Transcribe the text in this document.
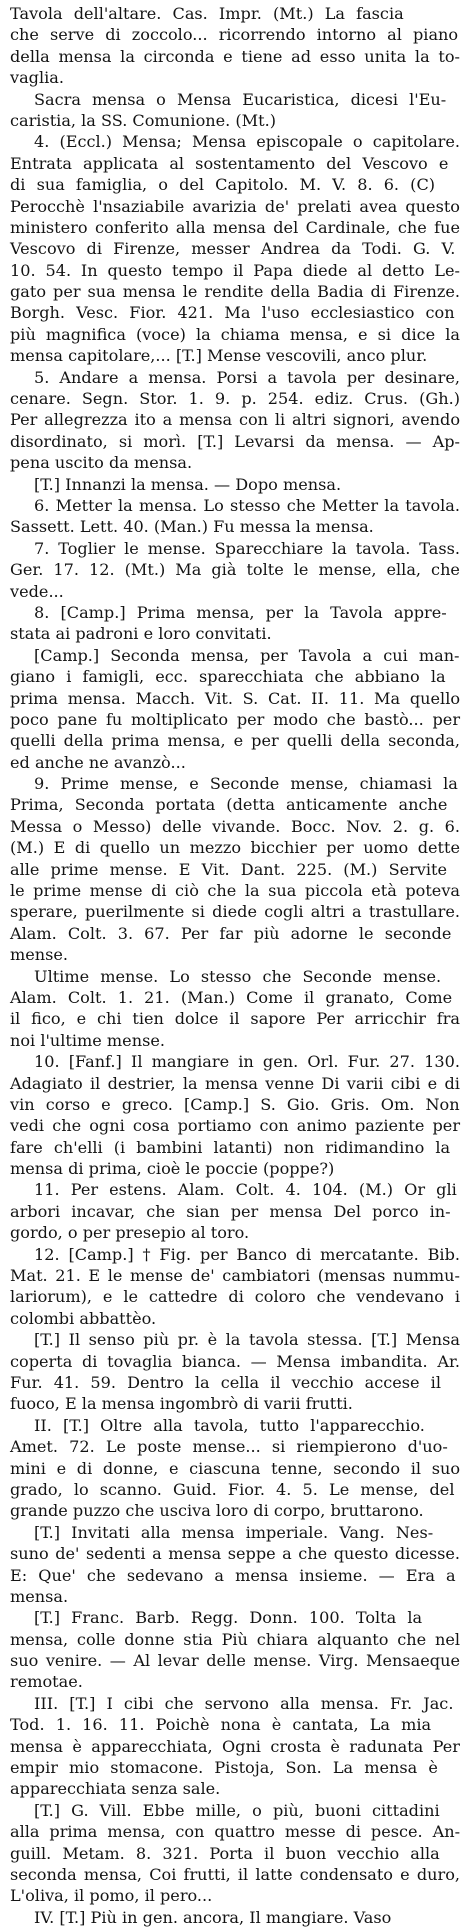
Tavola dell'altare. Cas. Impr. (Mt.) La fascia
che serve di zoccolo... ricorrendo intorno al piano
della mensa la circonda e tiene ad esso unita la to-
vaglia.
Sacra mensa o Mensa Eucaristica, dicesi l'Eu-
caristia, la SS. Comunione. (Mt.)
4. (Eccl.) Mensa; Mensa episcopale o capitolare.
Entrata applicata al sostentamento del Vescovo e
di sua famiglia, o del Capitolo. M. V. 8. 6. (C)
Perocchè l'nsaziabile avarizia de' prelati avea questo
ministero conferito alla mensa del Cardinale, che fue
Vescovo di Firenze, messer Andrea da Todi. G. V.
10. 54. In questo tempo il Papa diede al detto Le-
gato per sua mensa le rendite della Badia di Firenze.
Borgh. Vesc. Fior. 421. Ma l'uso ecclesiastico con
più magnifica (voce) la chiama mensa, e si dice la
mensa capitolare,... [T.] Mense vescovili, anco plur.
5. Andare a mensa. Porsi a tavola per desinare,
cenare. Segn. Stor. 1. 9. p. 254. ediz. Crus. (Gh.)
Per allegrezza ito a mensa con li altri signori, avendo
disordinato, si morì. [T.] Levarsi da mensa. — Ap-
pena uscito da mensa.
[T.] Innanzi la mensa. — Dopo mensa.
6. Metter la mensa. Lo stesso che Metter la tavola.
Sassett. Lett. 40. (Man.) Fu messa la mensa.
7. Toglier le mense. Sparecchiare la tavola. Tass.
Ger. 17. 12. (Mt.) Ma già tolte le mense, ella, che
vede...
8. [Camp.] Prima mensa, per la Tavola appre-
stata ai padroni e loro convitati.
[Camp.] Seconda mensa, per Tavola a cui man-
giano i famigli, ecc. sparecchiata che abbiano la
prima mensa. Macch. Vit. S. Cat. II. 11. Ma quello
poco pane fu moltiplicato per modo che bastò... per
quelli della prima mensa, e per quelli della seconda,
ed anche ne avanzò...
9. Prime mense, e Seconde mense, chiamasi la
Prima, Seconda portata (detta anticamente anche
Messa o Messo) delle vivande. Bocc. Nov. 2. g. 6.
(M.) E di quello un mezzo bicchier per uomo dette
alle prime mense. E Vit. Dant. 225. (M.) Servite
le prime mense di ciò che la sua piccola età poteva
sperare, puerilmente si diede cogli altri a trastullare.
Alam. Colt. 3. 67. Per far più adorne le seconde
mense.
Ultime mense. Lo stesso che Seconde mense.
Alam. Colt. 1. 21. (Man.) Come il granato, Come
il fico, e chi tien dolce il sapore Per arricchir fra
noi l'ultime mense.
10. [Fanf.] Il mangiare in gen. Orl. Fur. 27. 130.
Adagiato il destrier, la mensa venne Di varii cibi e di
vin corso e greco. [Camp.] S. Gio. Gris. Om. Non
vedi che ogni cosa portiamo con animo paziente per
fare ch'elli (i bambini latanti) non ridimandino la
mensa di prima, cioè le poccie (poppe?)
11. Per estens. Alam. Colt. 4. 104. (M.) Or gli
arbori incavar, che sian per mensa Del porco in-
gordo, o per presepio al toro.
12. [Camp.] † Fig. per Banco di mercatante. Bib.
Mat. 21. E le mense de' cambiatori (mensas nummu-
lariorum), e le cattedre di coloro che vendevano i
colombi abbattèo.
[T.] Il senso più pr. è la tavola stessa. [T.] Mensa
coperta di tovaglia bianca. — Mensa imbandita. Ar.
Fur. 41. 59. Dentro la cella il vecchio accese il
fuoco, E la mensa ingombrò di varii frutti.
II. [T.] Oltre alla tavola, tutto l'apparecchio.
Amet. 72. Le poste mense... si riempierono d'uo-
mini e di donne, e ciascuna tenne, secondo il suo
grado, lo scanno. Guid. Fior. 4. 5. Le mense, del
grande puzzo che usciva loro di corpo, bruttarono.
[T.] Invitati alla mensa imperiale. Vang. Nes-
suno de' sedenti a mensa seppe a che questo dicesse.
E: Que' che sedevano a mensa insieme. — Era a
mensa.
[T.] Franc. Barb. Regg. Donn. 100. Tolta la
mensa, colle donne stia Più chiara alquanto che nel
suo venire. — Al levar delle mense. Virg. Mensaeque
remotae.
III. [T.] I cibi che servono alla mensa. Fr. Jac.
Tod. 1. 16. 11. Poichè nona è cantata, La mia
mensa è apparecchiata, Ogni crosta è radunata Per
empir mio stomacone. Pistoja, Son. La mensa è
apparecchiata senza sale.
[T.] G. Vill. Ebbe mille, o più, buoni cittadini
alla prima mensa, con quattro messe di pesce. An-
guill. Metam. 8. 321. Porta il buon vecchio alla
seconda mensa, Coi frutti, il latte condensato e duro,
L'oliva, il pomo, il pero...
IV. [T.] Più in gen. ancora, Il mangiare. Vaso
